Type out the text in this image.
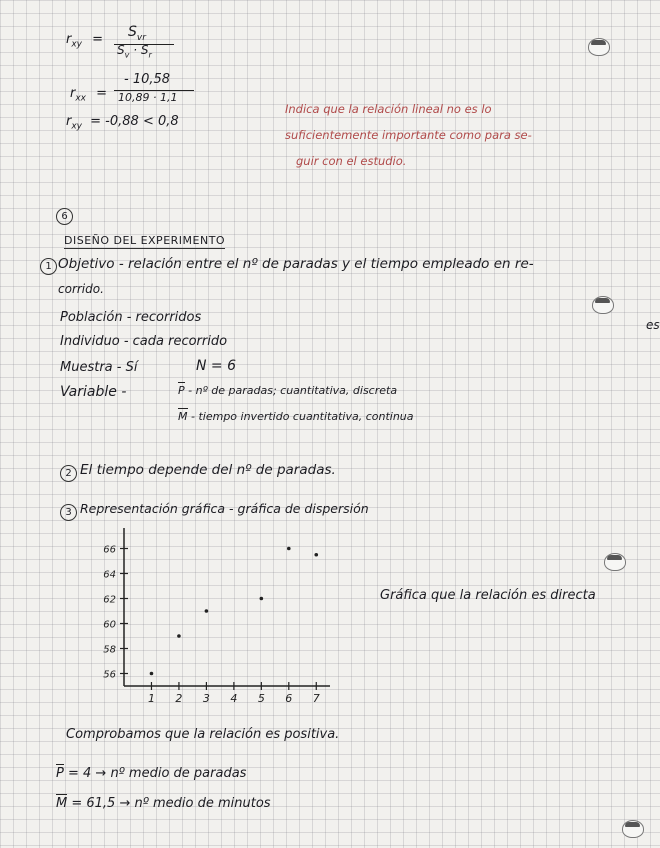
$r_{xy} = S_{vr}$
$S_v \cdot S_r$
$r_{xx}$ =
- 10,58
10,89 · 1,1
$r_{xy} = -0,88 < 0,8$
Indica que la relación lineal no es lo
suficientemente importante como para se-
guir con el estudio.
6
DISEÑO DEL EXPERIMENTO
1 Objetivo - relación entre el nº de paradas y el tiempo empleado en re-
corrido.
Población - recorridos
Individuo - cada recorrido
Muestra - Sí	N = 6
Variable -	P - nº de paradas; cuantitativa, discreta
M - tiempo invertido cuantitativa, continua
2 El tiempo depende del nº de paradas.
3 Representación gráfica - gráfica de dispersión
es
1 2 3 4 5 6 7
56
58
60
62
64
66
Gráfica que la relación es directa
Comprobamos que la relación es positiva.
P = 4 → nº medio de paradas
M = 61,5 → nº medio de minutos
